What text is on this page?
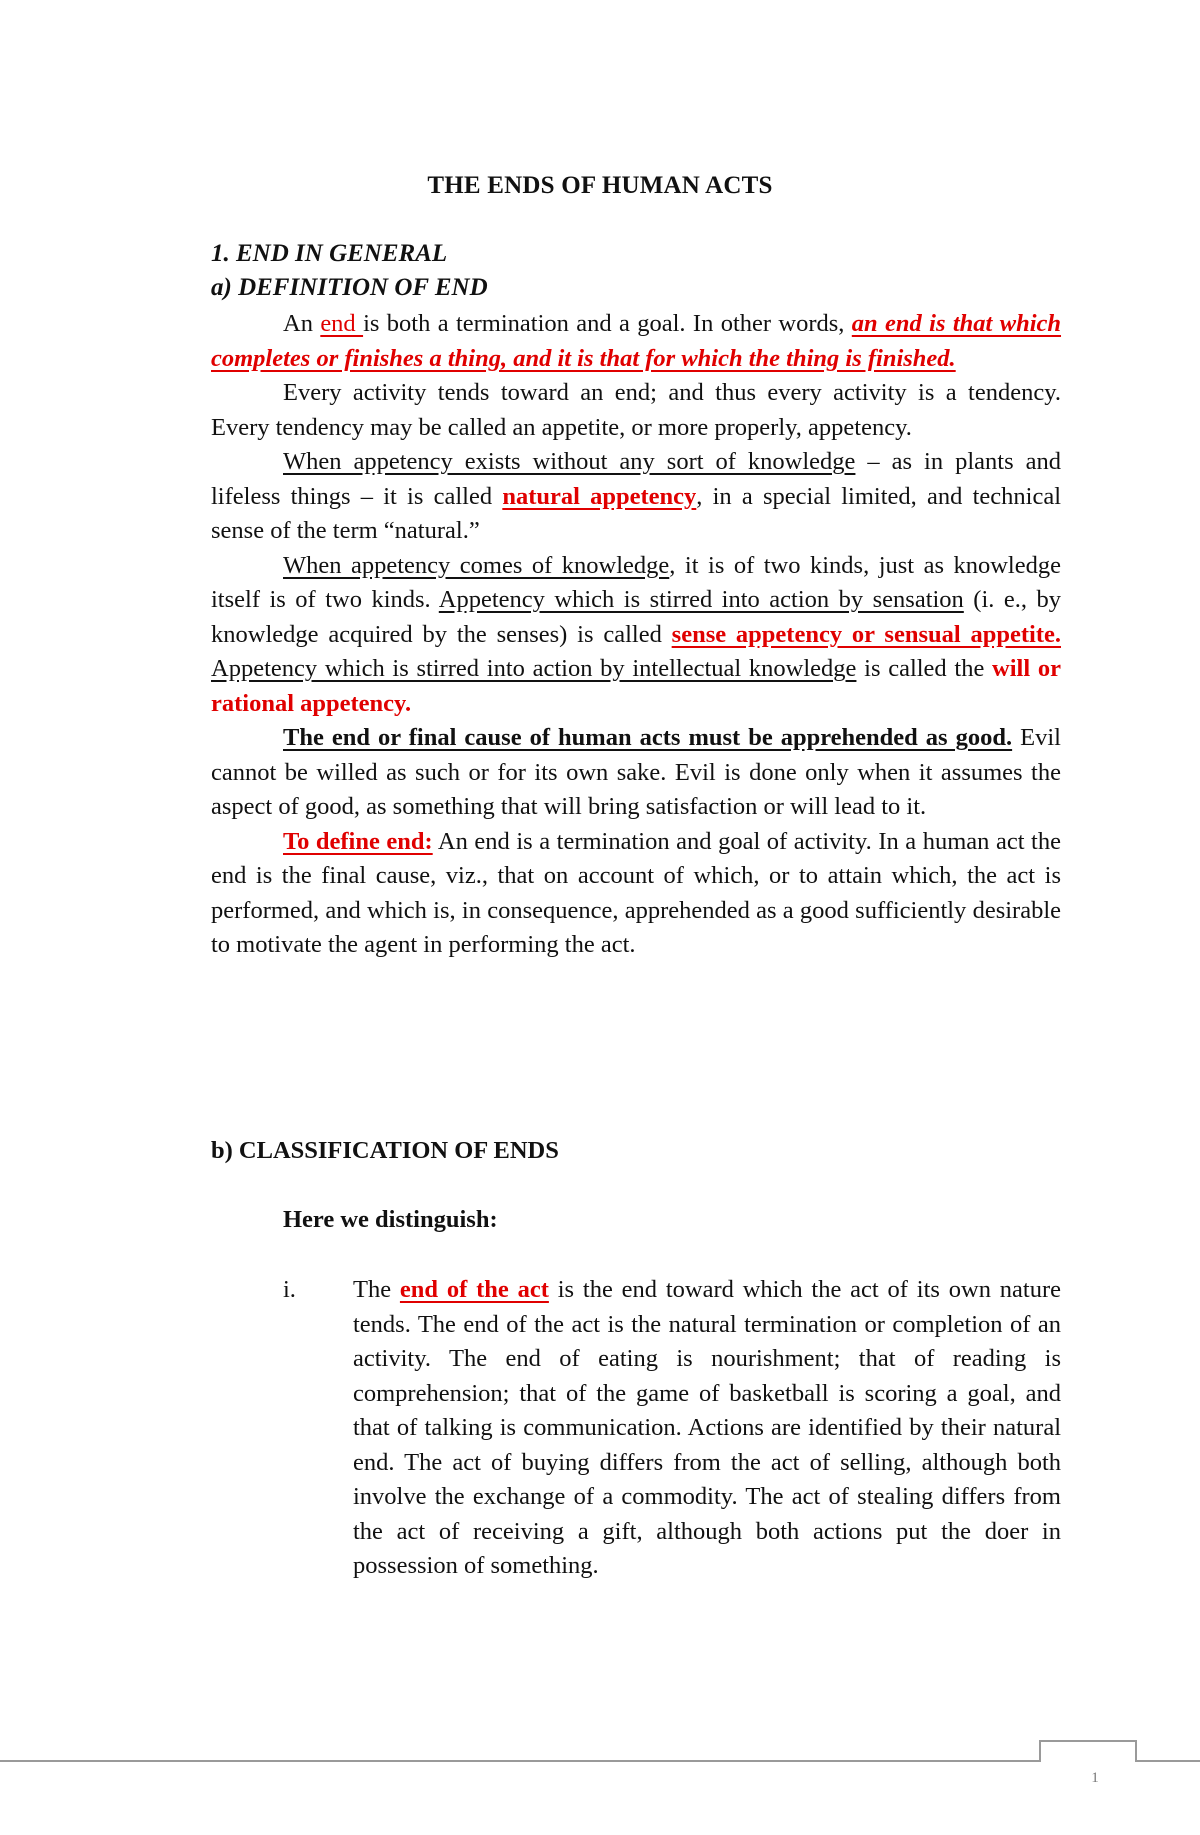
THE ENDS OF HUMAN ACTS
1. END IN GENERAL
a) DEFINITION OF END

An end is both a termination and a goal. In other words, an end is that which completes or finishes a thing, and it is that for which the thing is finished.

Every activity tends toward an end; and thus every activity is a tendency. Every tendency may be called an appetite, or more properly, appetency.

When appetency exists without any sort of knowledge – as in plants and lifeless things – it is called natural appetency, in a special limited, and technical sense of the term “natural.”

When appetency comes of knowledge, it is of two kinds, just as knowledge itself is of two kinds. Appetency which is stirred into action by sensation (i. e., by knowledge acquired by the senses) is called sense appetency or sensual appetite. Appetency which is stirred into action by intellectual knowledge is called the will or rational appetency.

The end or final cause of human acts must be apprehended as good. Evil cannot be willed as such or for its own sake. Evil is done only when it assumes the aspect of good, as something that will bring satisfaction or will lead to it.

To define end: An end is a termination and goal of activity. In a human act the end is the final cause, viz., that on account of which, or to attain which, the act is performed, and which is, in consequence, apprehended as a good sufficiently desirable to motivate the agent in performing the act.

b) CLASSIFICATION OF ENDS
Here we distinguish:
i. The end of the act is the end toward which the act of its own nature tends. The end of the act is the natural termination or completion of an activity. The end of eating is nourishment; that of reading is comprehension; that of the game of basketball is scoring a goal, and that of talking is communication. Actions are identified by their natural end. The act of buying differs from the act of selling, although both involve the exchange of a commodity. The act of stealing differs from the act of receiving a gift, although both actions put the doer in possession of something.
1
